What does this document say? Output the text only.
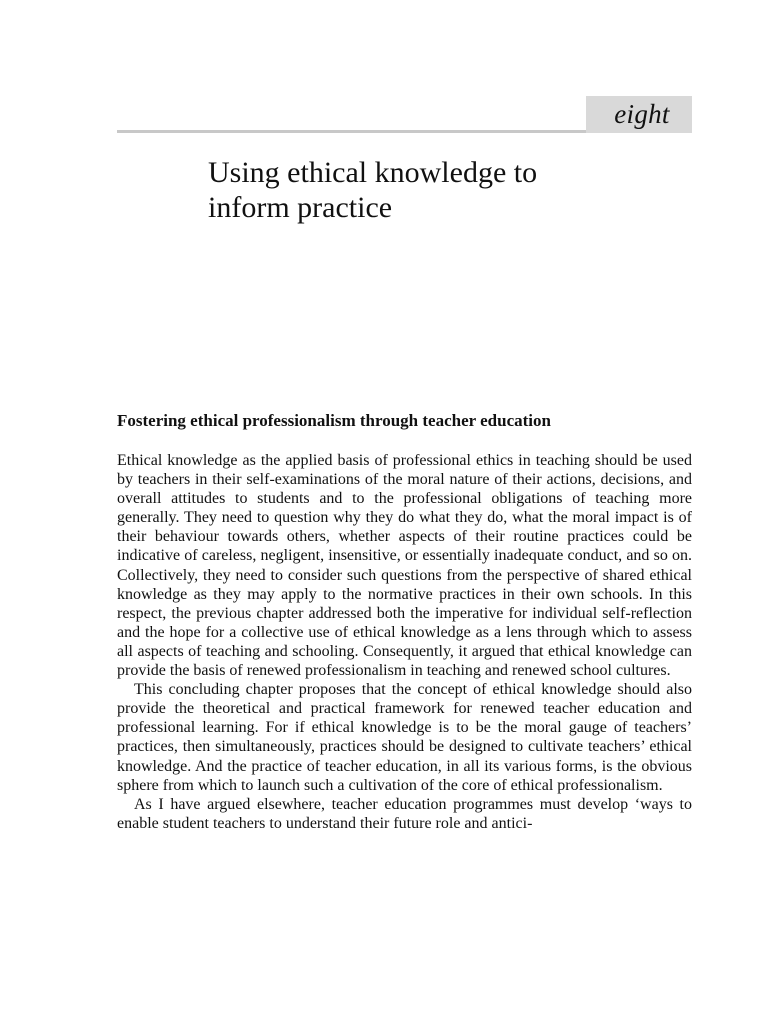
eight
Using ethical knowledge to
inform practice
Fostering ethical professionalism through teacher education

Ethical knowledge as the applied basis of professional ethics in teaching should be used by teachers in their self-examinations of the moral nature of their actions, decisions, and overall attitudes to students and to the professional obligations of teaching more generally. They need to question why they do what they do, what the moral impact is of their behaviour towards others, whether aspects of their routine practices could be indicative of careless, negligent, insensitive, or essentially inadequate conduct, and so on. Collectively, they need to consider such questions from the perspective of shared ethical knowledge as they may apply to the normative practices in their own schools. In this respect, the previous chapter addressed both the imperative for individual self-reflection and the hope for a collective use of ethical knowledge as a lens through which to assess all aspects of teaching and schooling. Consequently, it argued that ethical knowledge can provide the basis of renewed professionalism in teaching and renewed school cultures.

This concluding chapter proposes that the concept of ethical knowledge should also provide the theoretical and practical framework for renewed teacher education and professional learning. For if ethical knowledge is to be the moral gauge of teachers’ practices, then simultaneously, practices should be designed to cultivate teachers’ ethical knowledge. And the practice of teacher education, in all its various forms, is the obvious sphere from which to launch such a cultivation of the core of ethical professionalism.

As I have argued elsewhere, teacher education programmes must develop ‘ways to enable student teachers to understand their future role and antici-
